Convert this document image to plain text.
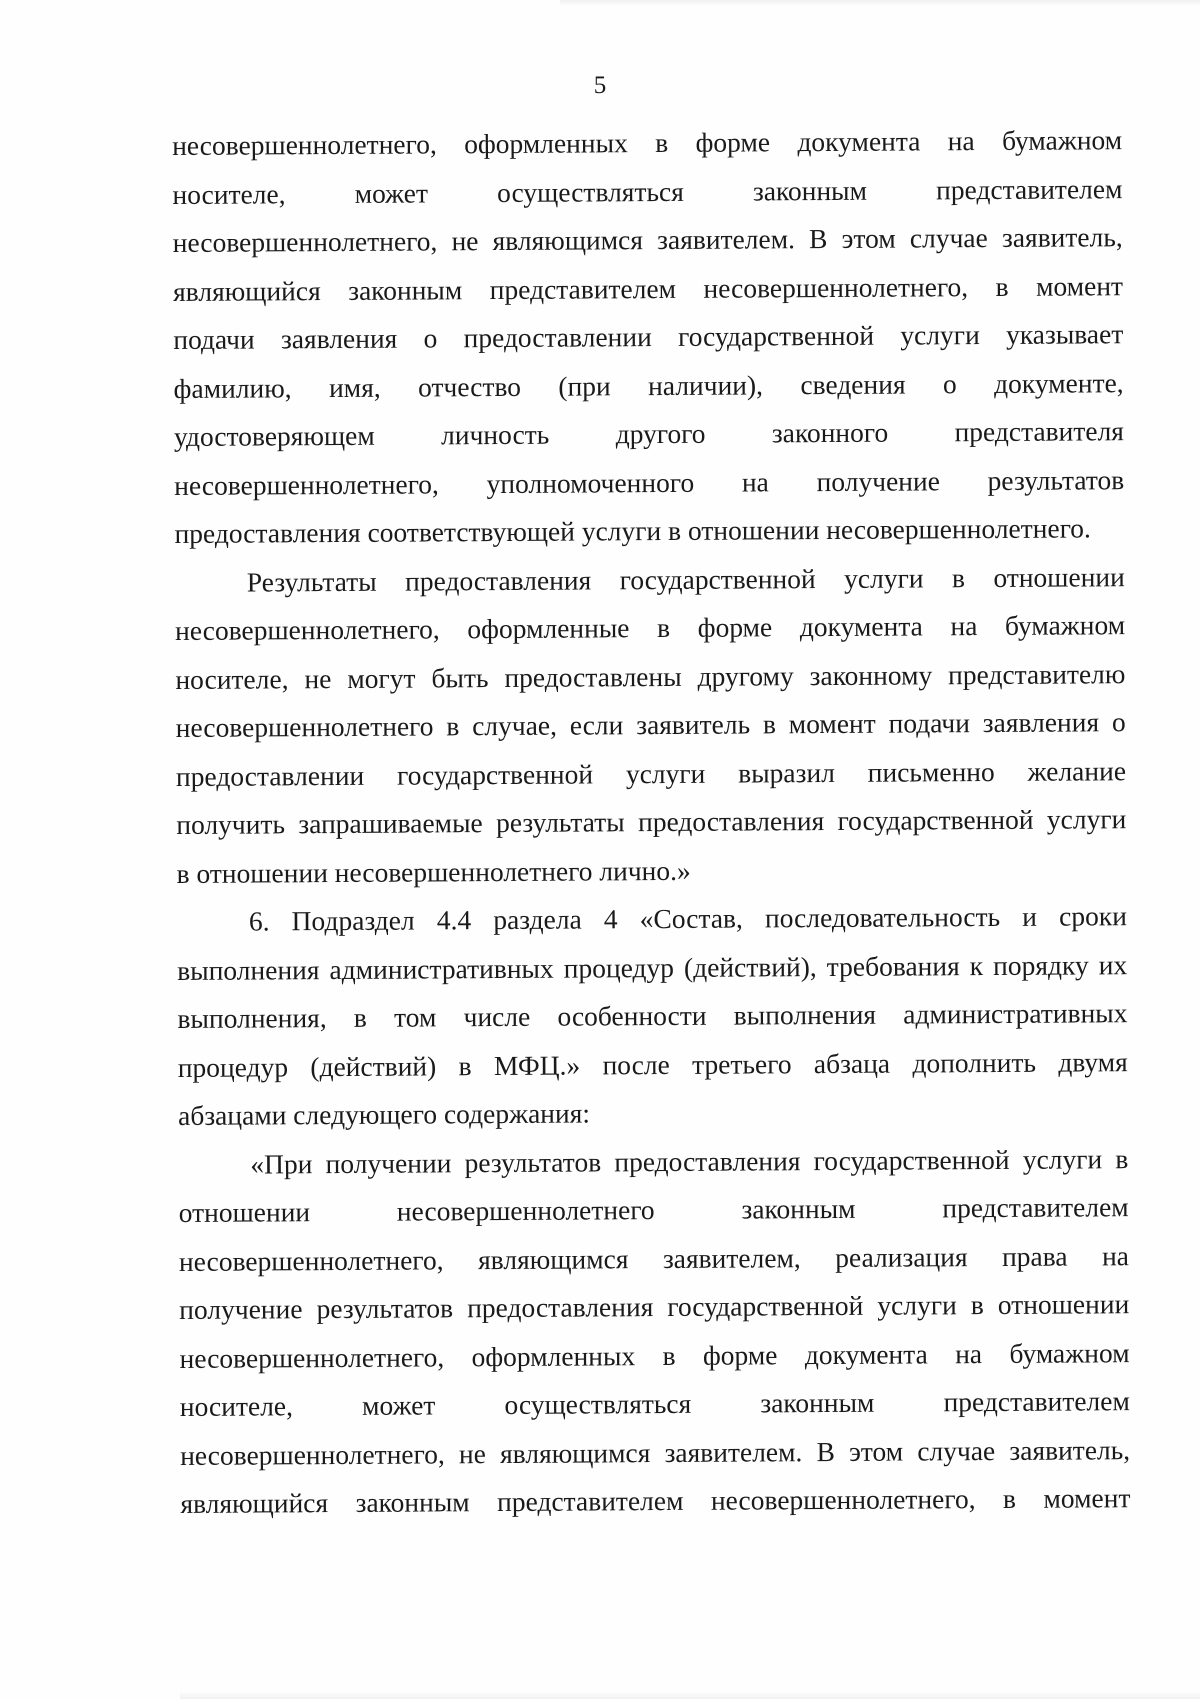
5
несовершеннолетнего, оформленных в форме документа на бумажном
носителе, может осуществляться законным представителем
несовершеннолетнего, не являющимся заявителем. В этом случае заявитель,
являющийся законным представителем несовершеннолетнего, в момент
подачи заявления о предоставлении государственной услуги указывает
фамилию, имя, отчество (при наличии), сведения о документе,
удостоверяющем личность другого законного представителя
несовершеннолетнего, уполномоченного на получение результатов
предоставления соответствующей услуги в отношении несовершеннолетнего.
Результаты предоставления государственной услуги в отношении
несовершеннолетнего, оформленные в форме документа на бумажном
носителе, не могут быть предоставлены другому законному представителю
несовершеннолетнего в случае, если заявитель в момент подачи заявления о
предоставлении государственной услуги выразил письменно желание
получить запрашиваемые результаты предоставления государственной услуги
в отношении несовершеннолетнего лично.»
6. Подраздел 4.4 раздела 4 «Состав, последовательность и сроки
выполнения административных процедур (действий), требования к порядку их
выполнения, в том числе особенности выполнения административных
процедур (действий) в МФЦ.» после третьего абзаца дополнить двумя
абзацами следующего содержания:
«При получении результатов предоставления государственной услуги в
отношении несовершеннолетнего законным представителем
несовершеннолетнего, являющимся заявителем, реализация права на
получение результатов предоставления государственной услуги в отношении
несовершеннолетнего, оформленных в форме документа на бумажном
носителе, может осуществляться законным представителем
несовершеннолетнего, не являющимся заявителем. В этом случае заявитель,
являющийся законным представителем несовершеннолетнего, в момент
